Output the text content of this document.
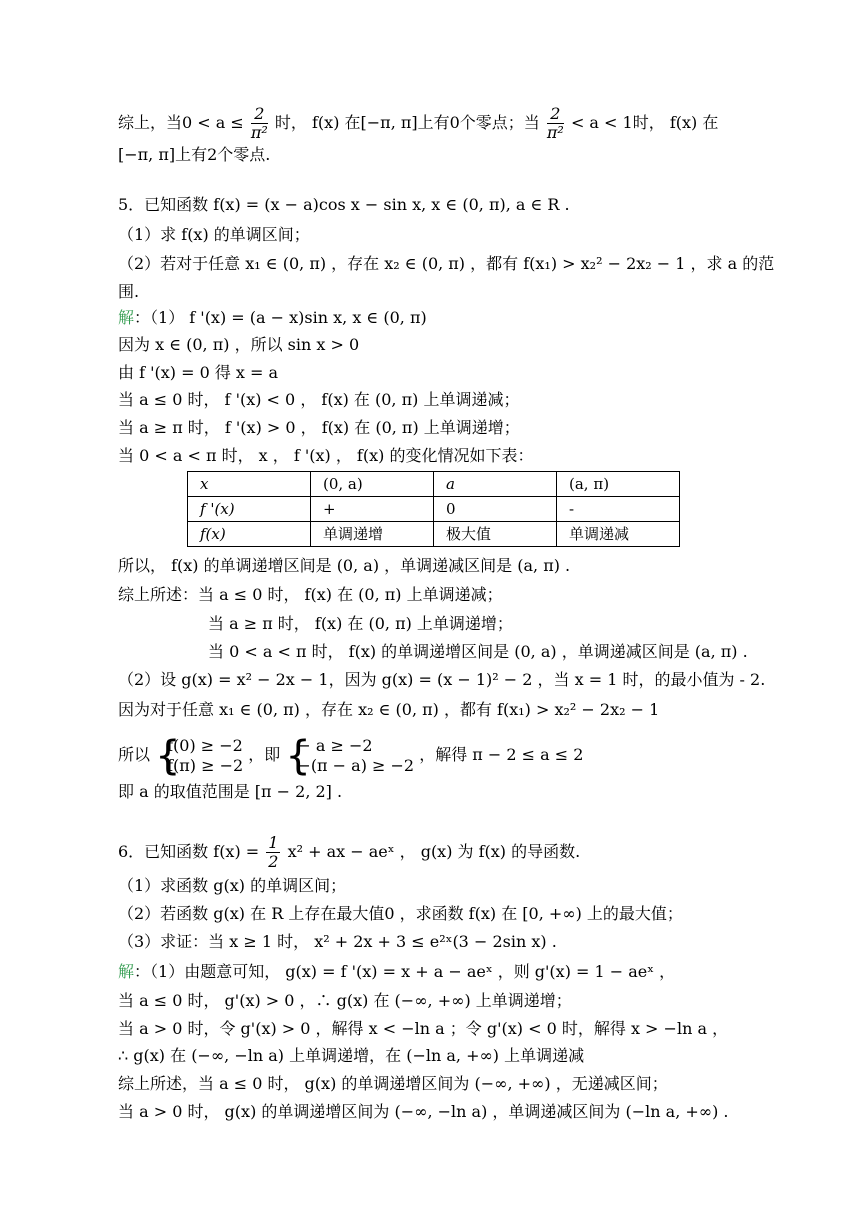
综上，当$0 < a \le \frac{2}{\text{π²}}$ 时， f(x) 在[−π, π]上有0个零点；当 $\frac{2}{\text{π²}} < a < 1$时， f(x) 在
[−π, π]上有2个零点.
5．已知函数 f(x) = (x − a)cos x − sin x, x ∈ (0, π), a ∈ R .
（1）求 f(x) 的单调区间；
（2）若对于任意 x₁ ∈ (0, π) ，存在 x₂ ∈ (0, π) ，都有 f(x₁) > x₂² − 2x₂ − 1 ，求 a 的范
围.
解：（1） f '(x) = (a − x)sin x, x ∈ (0, π)
因为 x ∈ (0, π) ，所以 sin x > 0
由 f '(x) = 0 得 x = a
当 a ≤ 0 时， f '(x) < 0 ， f(x) 在 (0, π) 上单调递减；
当 a ≥ π 时， f '(x) > 0 ， f(x) 在 (0, π) 上单调递增；
当 0 < a < π 时， x ， f '(x) ， f(x) 的变化情况如下表：
x	(0, a)	a	(a, π)
f '(x)	+	0	-
f(x)	单调递增	极大值	单调递减
所以， f(x) 的单调递增区间是 (0, a) ，单调递减区间是 (a, π) .
综上所述：当 a ≤ 0 时， f(x) 在 (0, π) 上单调递减；
当 a ≥ π 时， f(x) 在 (0, π) 上单调递增；
当 0 < a < π 时， f(x) 的单调递增区间是 (0, a) ，单调递减区间是 (a, π) .
（2）设 g(x) = x² − 2x − 1，因为 g(x) = (x − 1)² − 2 ，当 x = 1 时，的最小值为 - 2.
因为对于任意 x₁ ∈ (0, π) ，存在 x₂ ∈ (0, π) ，都有 f(x₁) > x₂² − 2x₂ − 1
所以 {
f(0) ≥ −2
f(π) ≥ −2
，即 {
− a ≥ −2
−(π − a) ≥ −2
，解得 π − 2 ≤ a ≤ 2
即 a 的取值范围是 [π − 2, 2] .
6．已知函数 $f(x) = \frac{1}{2} x^2$ + ax − aeˣ ， g(x) 为 f(x) 的导函数.
（1）求函数 g(x) 的单调区间；
（2）若函数 g(x) 在 R 上存在最大值0 ，求函数 f(x) 在 [0, +∞) 上的最大值；
（3）求证：当 x ≥ 1 时， x² + 2x + 3 ≤ e²ˣ(3 − 2sin x) .
解：（1）由题意可知， g(x) = f '(x) = x + a − aeˣ ，则 g'(x) = 1 − aeˣ ，
当 a ≤ 0 时， g'(x) > 0 ，∴ g(x) 在 (−∞, +∞) 上单调递增；
当 a > 0 时，令 g'(x) > 0 ，解得 x < −ln a ；令 g'(x) < 0 时，解得 x > −ln a ，
∴ g(x) 在 (−∞, −ln a) 上单调递增，在 (−ln a, +∞) 上单调递减
综上所述，当 a ≤ 0 时， g(x) 的单调递增区间为 (−∞, +∞) ，无递减区间；
当 a > 0 时， g(x) 的单调递增区间为 (−∞, −ln a) ，单调递减区间为 (−ln a, +∞) .
